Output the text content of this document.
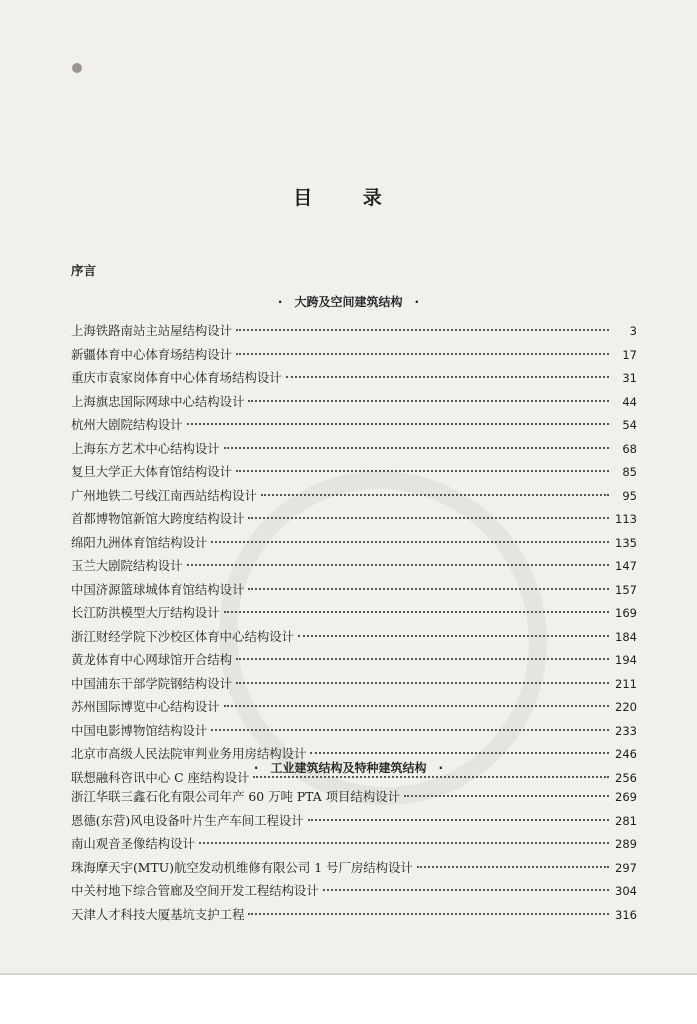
目 录
序言
· 大跨及空间建筑结构 ·
上海铁路南站主站屋结构设计	3
新疆体育中心体育场结构设计	17
重庆市袁家岗体育中心体育场结构设计	31
上海旗忠国际网球中心结构设计	44
杭州大剧院结构设计	54
上海东方艺术中心结构设计	68
复旦大学正大体育馆结构设计	85
广州地铁二号线江南西站结构设计	95
首都博物馆新馆大跨度结构设计	113
绵阳九洲体育馆结构设计	135
玉兰大剧院结构设计	147
中国济源篮球城体育馆结构设计	157
长江防洪模型大厅结构设计	169
浙江财经学院下沙校区体育中心结构设计	184
黄龙体育中心网球馆开合结构	194
中国浦东干部学院钢结构设计	211
苏州国际博览中心结构设计	220
中国电影博物馆结构设计	233
北京市高级人民法院审判业务用房结构设计	246
联想融科咨讯中心 C 座结构设计	256
· 工业建筑结构及特种建筑结构 ·
浙江华联三鑫石化有限公司年产 60 万吨 PTA 项目结构设计	269
恩德(东营)风电设备叶片生产车间工程设计	281
南山观音圣像结构设计	289
珠海摩天宇(MTU)航空发动机维修有限公司 1 号厂房结构设计	297
中关村地下综合管廊及空间开发工程结构设计	304
天津人才科技大厦基坑支护工程	316
